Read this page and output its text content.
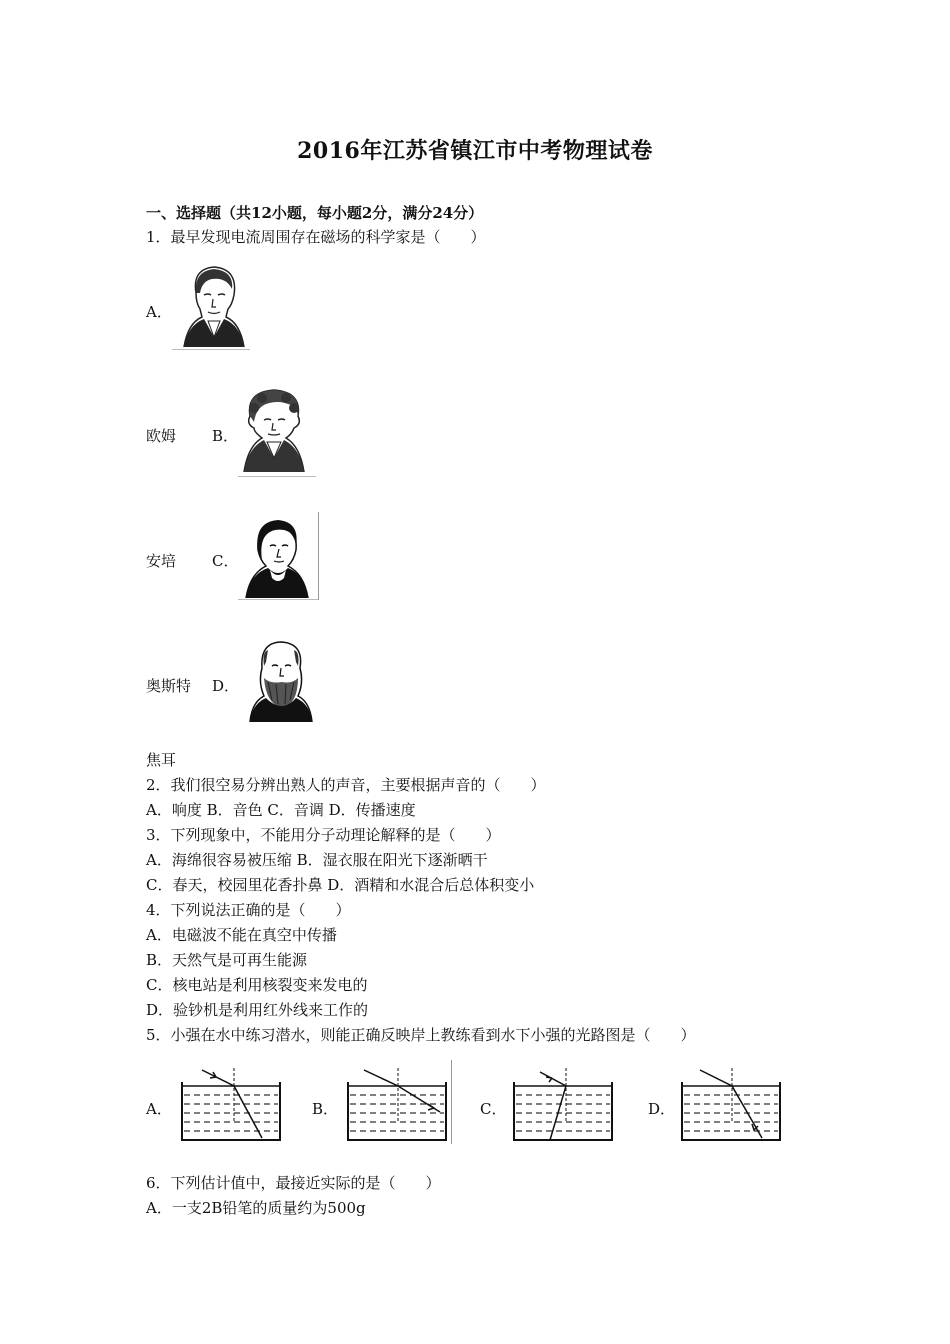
2016年江苏省镇江市中考物理试卷
一、选择题（共12小题，每小题2分，满分24分）
1．最早发现电流周围存在磁场的科学家是（　　）
A．
欧姆 B．
安培 C．
奥斯特 D．
焦耳
2．我们很空易分辨出熟人的声音，主要根据声音的（　　）
A．响度 B．音色 C．音调 D．传播速度
3．下列现象中，不能用分子动理论解释的是（　　）
A．海绵很容易被压缩 B．湿衣服在阳光下逐渐晒干
C．春天，校园里花香扑鼻 D．酒精和水混合后总体积变小
4．下列说法正确的是（　　）
A．电磁波不能在真空中传播
B．天然气是可再生能源
C．核电站是利用核裂变来发电的
D．验钞机是利用红外线来工作的
5．小强在水中练习潜水，则能正确反映岸上教练看到水下小强的光路图是（　　）
A．	B．	C．	D．
6．下列估计值中，最接近实际的是（　　）
A．一支2B铅笔的质量约为500g
